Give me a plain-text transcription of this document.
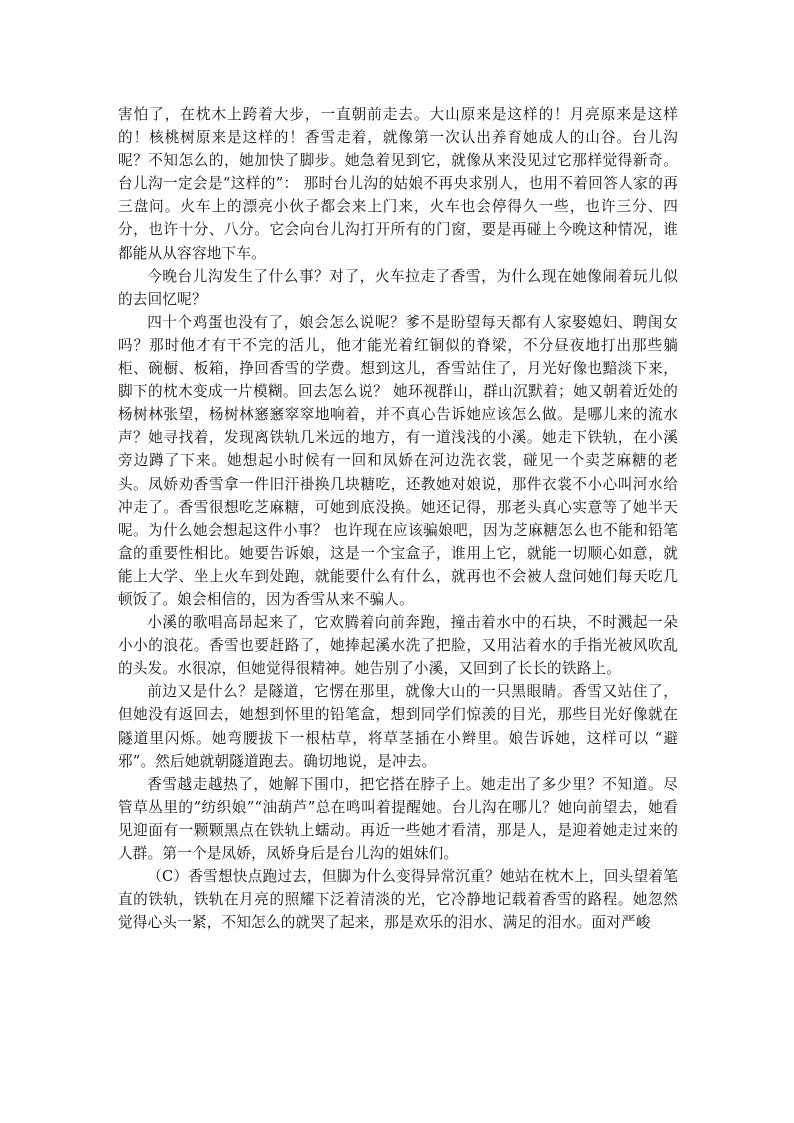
害怕了，在枕木上跨着大步，一直朝前走去。大山原来是这样的！月亮原来是这样的！核桃树原来是这样的！香雪走着，就像第一次认出养育她成人的山谷。台儿沟呢？不知怎么的，她加快了脚步。她急着见到它，就像从来没见过它那样觉得新奇。台儿沟一定会是“这样的”： 那时台儿沟的姑娘不再央求别人，也用不着回答人家的再三盘问。火车上的漂亮小伙子都会来上门来，火车也会停得久一些，也许三分、四分，也许十分、八分。它会向台儿沟打开所有的门窗，要是再碰上今晚这种情况，谁都能从从容容地下车。

今晚台儿沟发生了什么事？对了，火车拉走了香雪，为什么现在她像闹着玩儿似的去回忆呢？

四十个鸡蛋也没有了，娘会怎么说呢？爹不是盼望每天都有人家娶媳妇、聘闺女吗？那时他才有干不完的活儿，他才能光着红铜似的脊梁，不分昼夜地打出那些躺柜、碗橱、板箱，挣回香雪的学费。想到这儿，香雪站住了，月光好像也黯淡下来，脚下的枕木变成一片模糊。回去怎么说？ 她环视群山，群山沉默着；她又朝着近处的杨树林张望，杨树林窸窸窣窣地响着，并不真心告诉她应该怎么做。是哪儿来的流水声？她寻找着，发现离铁轨几米远的地方，有一道浅浅的小溪。她走下铁轨，在小溪旁边蹲了下来。她想起小时候有一回和凤娇在河边洗衣裳，碰见一个卖芝麻糖的老头。凤娇劝香雪拿一件旧汗褂换几块糖吃，还教她对娘说，那件衣裳不小心叫河水给冲走了。香雪很想吃芝麻糖，可她到底没换。她还记得，那老头真心实意等了她半天呢。为什么她会想起这件小事？ 也许现在应该骗娘吧，因为芝麻糖怎么也不能和铅笔盒的重要性相比。她要告诉娘，这是一个宝盒子，谁用上它，就能一切顺心如意，就能上大学、坐上火车到处跑，就能要什么有什么，就再也不会被人盘问她们每天吃几顿饭了。娘会相信的，因为香雪从来不骗人。

小溪的歌唱高昂起来了，它欢腾着向前奔跑，撞击着水中的石块，不时溅起一朵小小的浪花。香雪也要赶路了，她捧起溪水洗了把脸，又用沾着水的手指光被风吹乱的头发。水很凉，但她觉得很精神。她告别了小溪，又回到了长长的铁路上。

前边又是什么？是隧道，它愣在那里，就像大山的一只黑眼睛。香雪又站住了，但她没有返回去，她想到怀里的铅笔盒，想到同学们惊羡的目光，那些目光好像就在隧道里闪烁。她弯腰拔下一根枯草，将草茎插在小辫里。娘告诉她，这样可以 “避邪”。然后她就朝隧道跑去。确切地说，是冲去。

香雪越走越热了，她解下围巾，把它搭在脖子上。她走出了多少里？不知道。尽管草丛里的“纺织娘”“油葫芦”总在鸣叫着提醒她。台儿沟在哪儿？她向前望去，她看见迎面有一颗颗黑点在铁轨上蠕动。再近一些她才看清，那是人，是迎着她走过来的人群。第一个是凤娇，凤娇身后是台儿沟的姐妹们。

（C）香雪想快点跑过去，但脚为什么变得异常沉重？她站在枕木上，回头望着笔直的铁轨，铁轨在月亮的照耀下泛着清淡的光，它冷静地记载着香雪的路程。她忽然觉得心头一紧，不知怎么的就哭了起来，那是欢乐的泪水、满足的泪水。面对严峻
